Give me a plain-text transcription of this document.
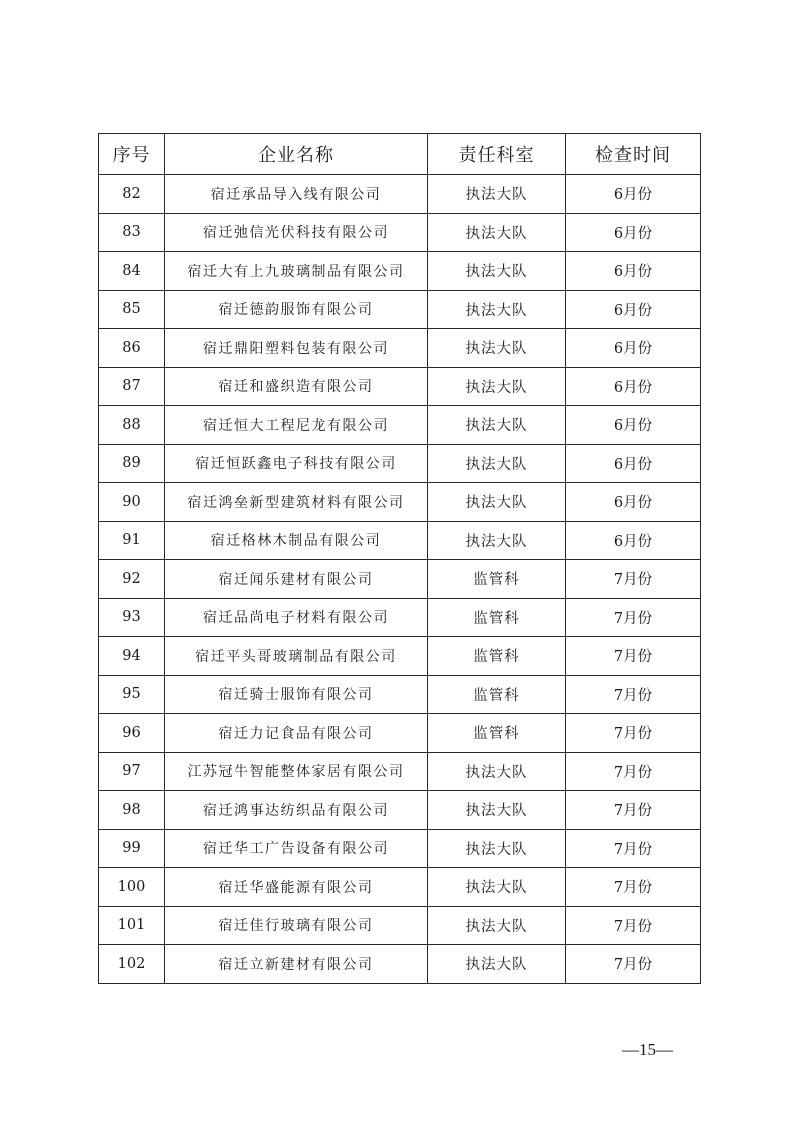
序号	企业名称	责任科室	检查时间
82	宿迁承品导入线有限公司	执法大队	6月份
83	宿迁弛信光伏科技有限公司	执法大队	6月份
84	宿迁大有上九玻璃制品有限公司	执法大队	6月份
85	宿迁德韵服饰有限公司	执法大队	6月份
86	宿迁鼎阳塑料包装有限公司	执法大队	6月份
87	宿迁和盛织造有限公司	执法大队	6月份
88	宿迁恒大工程尼龙有限公司	执法大队	6月份
89	宿迁恒跃鑫电子科技有限公司	执法大队	6月份
90	宿迁鸿垒新型建筑材料有限公司	执法大队	6月份
91	宿迁格林木制品有限公司	执法大队	6月份
92	宿迁闻乐建材有限公司	监管科	7月份
93	宿迁品尚电子材料有限公司	监管科	7月份
94	宿迁平头哥玻璃制品有限公司	监管科	7月份
95	宿迁骑士服饰有限公司	监管科	7月份
96	宿迁力记食品有限公司	监管科	7月份
97	江苏冠牛智能整体家居有限公司	执法大队	7月份
98	宿迁鸿事达纺织品有限公司	执法大队	7月份
99	宿迁华工广告设备有限公司	执法大队	7月份
100	宿迁华盛能源有限公司	执法大队	7月份
101	宿迁佳行玻璃有限公司	执法大队	7月份
102	宿迁立新建材有限公司	执法大队	7月份
—15—
